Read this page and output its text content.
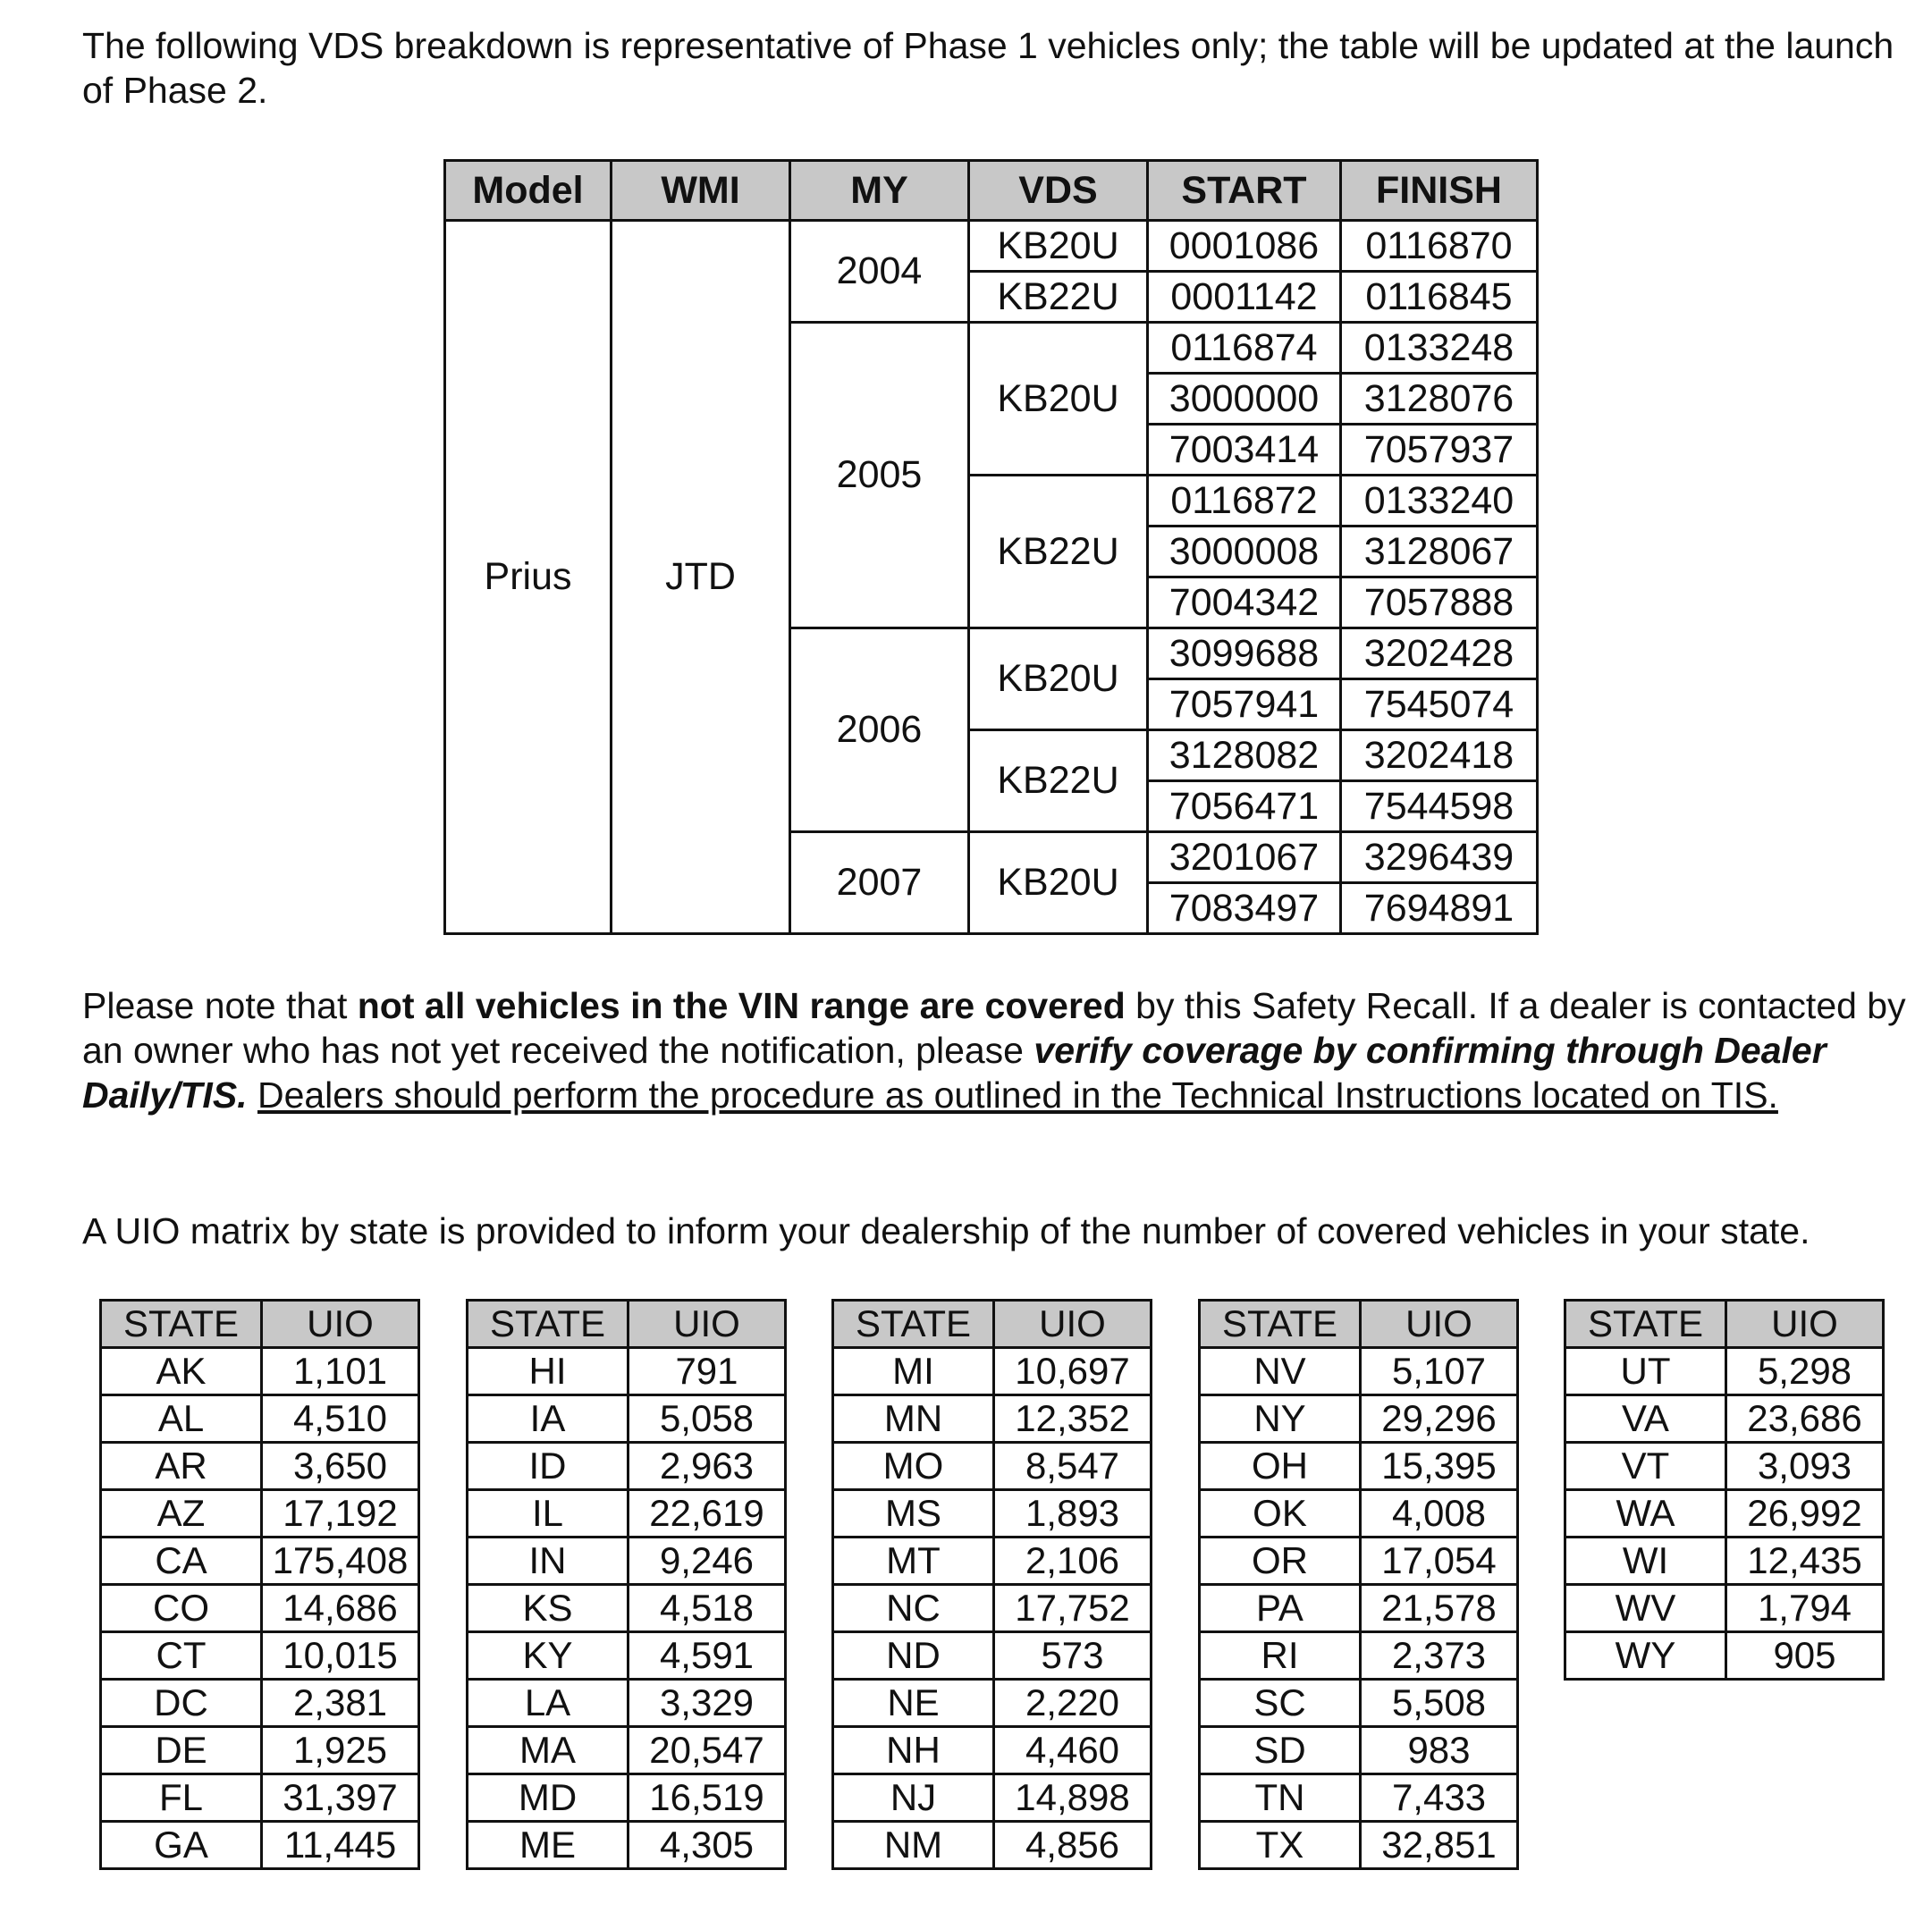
The following VDS breakdown is representative of Phase 1 vehicles only; the table will be updated at the launch of Phase 2.

Model	WMI	MY	VDS	START	FINISH
Prius	JTD	2004	KB20U	0001086	0116870
			KB22U	0001142	0116845
		2005	KB20U	0116874	0133248
				3000000	3128076
				7003414	7057937
			KB22U	0116872	0133240
				3000008	3128067
				7004342	7057888
		2006	KB20U	3099688	3202428
				7057941	7545074
			KB22U	3128082	3202418
				7056471	7544598
		2007	KB20U	3201067	3296439
				7083497	7694891

Please note that not all vehicles in the VIN range are covered by this Safety Recall. If a dealer is contacted by an owner who has not yet received the notification, please verify coverage by confirming through Dealer Daily/TIS. Dealers should perform the procedure as outlined in the Technical Instructions located on TIS.

A UIO matrix by state is provided to inform your dealership of the number of covered vehicles in your state.

STATE	UIO
AK	1,101
AL	4,510
AR	3,650
AZ	17,192
CA	175,408
CO	14,686
CT	10,015
DC	2,381
DE	1,925
FL	31,397
GA	11,445
STATE	UIO
HI	791
IA	5,058
ID	2,963
IL	22,619
IN	9,246
KS	4,518
KY	4,591
LA	3,329
MA	20,547
MD	16,519
ME	4,305
STATE	UIO
MI	10,697
MN	12,352
MO	8,547
MS	1,893
MT	2,106
NC	17,752
ND	573
NE	2,220
NH	4,460
NJ	14,898
NM	4,856
STATE	UIO
NV	5,107
NY	29,296
OH	15,395
OK	4,008
OR	17,054
PA	21,578
RI	2,373
SC	5,508
SD	983
TN	7,433
TX	32,851
STATE	UIO
UT	5,298
VA	23,686
VT	3,093
WA	26,992
WI	12,435
WV	1,794
WY	905
